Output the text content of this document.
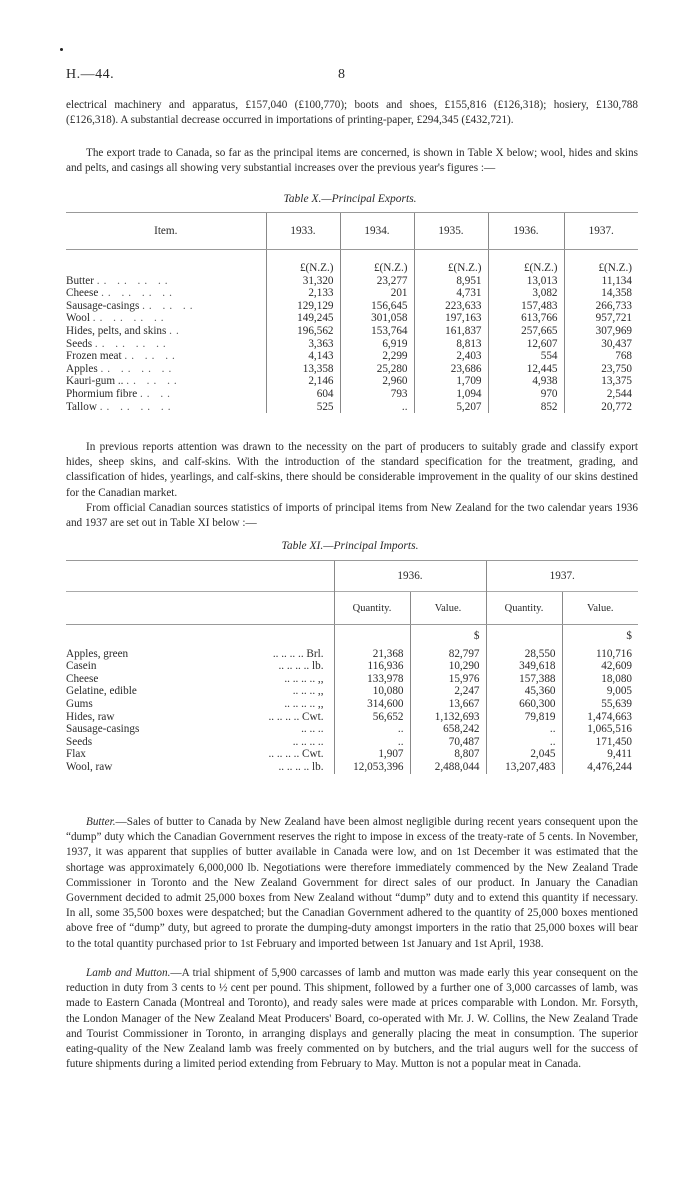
H.—44.	8

electrical machinery and apparatus, £157,040 (£100,770); boots and shoes, £155,816 (£126,318); hosiery, £130,788 (£126,318). A substantial decrease occurred in importations of printing-paper, £294,345 (£432,721).

The export trade to Canada, so far as the principal items are concerned, is shown in Table X below; wool, hides and skins and pelts, and casings all showing very substantial increases over the previous year's figures :—

Table X.—Principal Exports.
Item.	1933.	1934.	1935.	1936.	1937.
	£(N.Z.)	£(N.Z.)	£(N.Z.)	£(N.Z.)	£(N.Z.)
Butter .. .. .. ..	31,320	23,277	8,951	13,013	11,134
Cheese .. .. .. ..	2,133	201	4,731	3,082	14,358
Sausage-casings .. .. ..	129,129	156,645	223,633	157,483	266,733
Wool .. .. .. ..	149,245	301,058	197,163	613,766	957,721
Hides, pelts, and skins ..	196,562	153,764	161,837	257,665	307,969
Seeds .. .. .. ..	3,363	6,919	8,813	12,607	30,437
Frozen meat .. .. ..	4,143	2,299	2,403	554	768
Apples .. .. .. ..	13,358	25,280	23,686	12,445	23,750
Kauri-gum .. .. .. ..	2,146	2,960	1,709	4,938	13,375
Phormium fibre .. ..	604	793	1,094	970	2,544
Tallow .. .. .. ..	525	..	5,207	852	20,772

In previous reports attention was drawn to the necessity on the part of producers to suitably grade and classify export hides, sheep skins, and calf-skins. With the introduction of the standard specification for the treatment, grading, and classification of hides, yearlings, and calf-skins, there should be considerable improvement in the quality of our skins destined for the Canadian market.

From official Canadian sources statistics of imports of principal items from New Zealand for the two calendar years 1936 and 1937 are set out in Table XI below :—

Table XI.—Principal Imports.
		1936.		1937.	
		Quantity.	Value.	Quantity.	Value.
			$		$
Apples, green	.. .. .. .. Brl.	21,368	82,797	28,550	110,716
Casein	.. .. .. .. lb.	116,936	10,290	349,618	42,609
Cheese	.. .. .. .. ,,	133,978	15,976	157,388	18,080
Gelatine, edible	.. .. .. ,,	10,080	2,247	45,360	9,005
Gums	.. .. .. .. ,,	314,600	13,667	660,300	55,639
Hides, raw	.. .. .. .. Cwt.	56,652	1,132,693	79,819	1,474,663
Sausage-casings	.. .. ..	..	658,242	..	1,065,516
Seeds	.. .. .. ..	..	70,487	..	171,450
Flax	.. .. .. .. Cwt.	1,907	8,807	2,045	9,411
Wool, raw	.. .. .. .. lb.	12,053,396	2,488,044	13,207,483	4,476,244

Butter.—Sales of butter to Canada by New Zealand have been almost negligible during recent years consequent upon the “dump” duty which the Canadian Government reserves the right to impose in excess of the treaty-rate of 5 cents. In November, 1937, it was apparent that supplies of butter available in Canada were low, and on 1st December it was estimated that the shortage was approximately 6,000,000 lb. Negotiations were therefore immediately commenced by the New Zealand Trade Commissioner in Toronto and the New Zealand Government for direct sales of our product. In January the Canadian Government decided to admit 25,000 boxes from New Zealand without “dump” duty and to extend this quantity if necessary. In all, some 35,500 boxes were despatched; but the Canadian Government adhered to the quantity of 25,000 boxes mentioned above free of “dump” duty, but agreed to prorate the dumping-duty amongst importers in the ratio that 25,000 boxes will bear to the total quantity purchased prior to 1st February and imported between 1st January and 1st April, 1938.

Lamb and Mutton.—A trial shipment of 5,900 carcasses of lamb and mutton was made early this year consequent on the reduction in duty from 3 cents to ½ cent per pound. This shipment, followed by a further one of 3,000 carcasses of lamb, was made to Eastern Canada (Montreal and Toronto), and ready sales were made at prices comparable with London. Mr. Forsyth, the London Manager of the New Zealand Meat Producers' Board, co-operated with Mr. J. W. Collins, the New Zealand Trade and Tourist Commissioner in Toronto, in arranging displays and generally placing the meat in consumption. The superior eating-quality of the New Zealand lamb was freely commented on by butchers, and the trial augurs well for the success of future shipments during a limited period extending from February to May. Mutton is not a popular meat in Canada.
